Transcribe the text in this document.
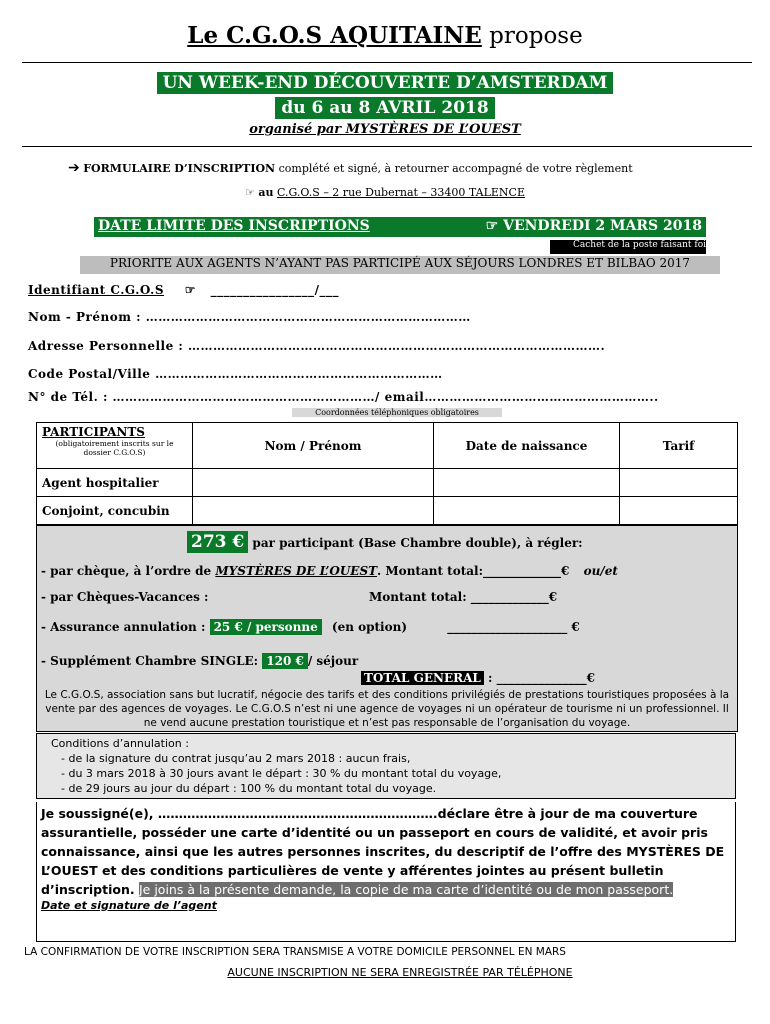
Le C.G.O.S AQUITAINE propose
UN WEEK-END DÉCOUVERTE D’AMSTERDAM
du 6 au 8 AVRIL 2018
organisé par MYSTÈRES DE L’OUEST
➔ FORMULAIRE D’INSCRIPTION complété et signé, à retourner accompagné de votre règlement
☞ au C.G.O.S – 2 rue Dubernat – 33400 TALENCE
DATE LIMITE DES INSCRIPTIONS	☞ VENDREDI 2 MARS 2018
Cachet de la poste faisant foi
PRIORITE AUX AGENTS N’AYANT PAS PARTICIPÉ AUX SÉJOURS LONDRES ET BILBAO 2017
Identifiant C.G.O.S ☞ ________________/___
Nom - Prénom : ……………………………………………………………………
Adresse Personnelle : ……………………………………………………………………………………….
Code Postal/Ville ……………………………………………………………
N° de Tél. : ………………………………………………………/ email………………………………………………..
Coordonnées téléphoniques obligatoires
PARTICIPANTS
(obligatoirement inscrits sur le dossier C.G.O.S)	Nom / Prénom	Date de naissance	Tarif
Agent hospitalier			
Conjoint, concubin			
273 € par participant (Base Chambre double), à régler:
- par chèque, à l’ordre de MYSTÈRES DE L’OUEST. Montant total:_____________€ ou/et
- par Chèques-Vacances :	Montant total: _____________€
- Assurance annulation : 25 € / personne (en option)	____________________ €
- Supplément Chambre SINGLE: 120 € / séjour
TOTAL GENERAL : _______________€
Le C.G.O.S, association sans but lucratif, négocie des tarifs et des conditions privilégiés de prestations touristiques proposées à la vente par des agences de voyages. Le C.G.O.S n’est ni une agence de voyages ni un opérateur de tourisme ni un professionnel. Il ne vend aucune prestation touristique et n’est pas responsable de l’organisation du voyage.
Conditions d’annulation :
- de la signature du contrat jusqu’au 2 mars 2018 : aucun frais,
- du 3 mars 2018 à 30 jours avant le départ : 30 % du montant total du voyage,
- de 29 jours au jour du départ : 100 % du montant total du voyage.
Je soussigné(e), ………………………………………………………….déclare être à jour de ma couverture assurantielle, posséder une carte d’identité ou un passeport en cours de validité, et avoir pris connaissance, ainsi que les autres personnes inscrites, du descriptif de l’offre des MYSTÈRES DE L’OUEST et des conditions particulières de vente y afférentes jointes au présent bulletin d’inscription. Je joins à la présente demande, la copie de ma carte d’identité ou de mon passeport.
Date et signature de l’agent
LA CONFIRMATION DE VOTRE INSCRIPTION SERA TRANSMISE A VOTRE DOMICILE PERSONNEL EN MARS
AUCUNE INSCRIPTION NE SERA ENREGISTRÉE PAR TÉLÉPHONE
